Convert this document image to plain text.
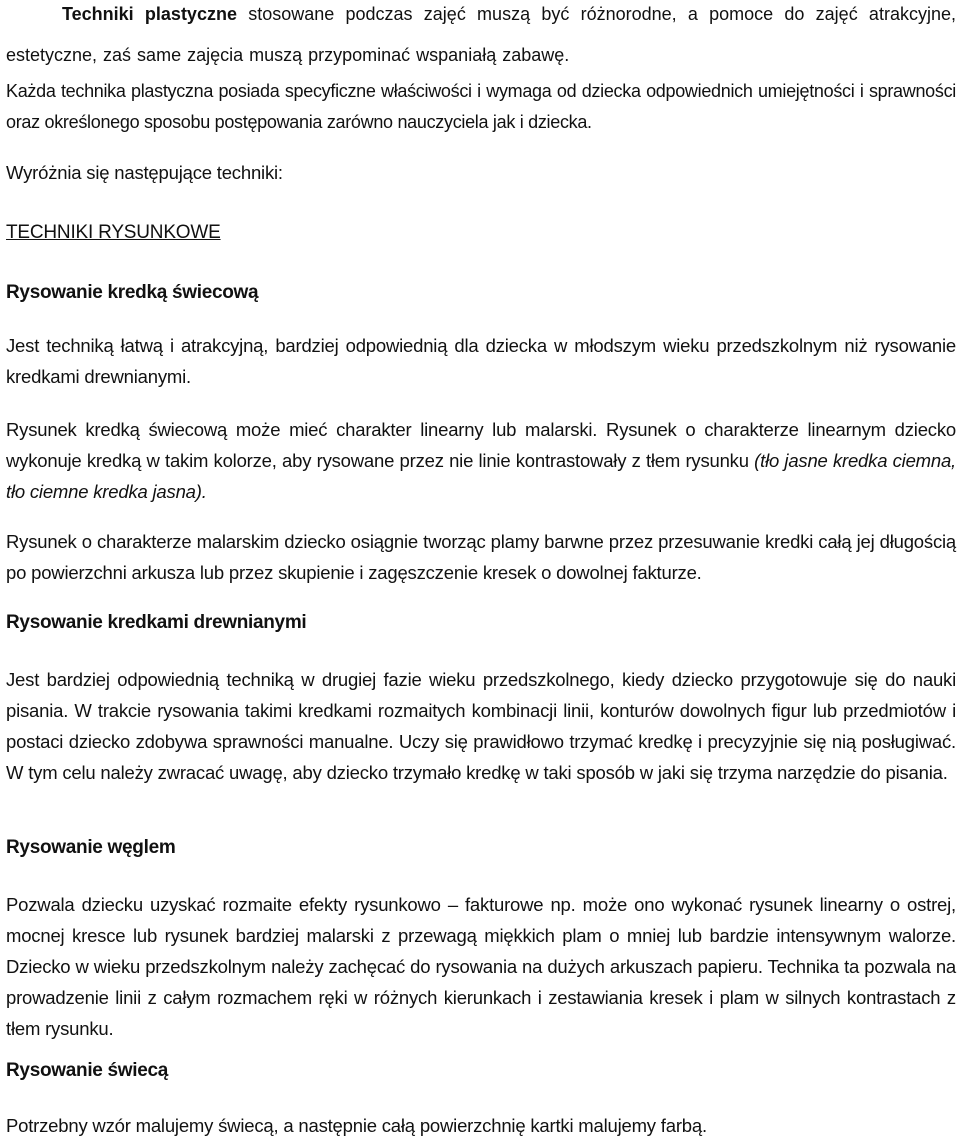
Techniki plastyczne stosowane podczas zajęć muszą być różnorodne, a pomoce do zajęć atrakcyjne, estetyczne, zaś same zajęcia muszą przypominać wspaniałą zabawę.

Każda technika plastyczna posiada specyficzne właściwości i wymaga od dziecka odpowiednich umiejętności i sprawności oraz określonego sposobu postępowania zarówno nauczyciela jak i dziecka.

Wyróżnia się następujące techniki:

TECHNIKI RYSUNKOWE

Rysowanie kredką świecową

Jest techniką łatwą i atrakcyjną, bardziej odpowiednią dla dziecka w młodszym wieku przedszkolnym niż rysowanie kredkami drewnianymi.

Rysunek kredką świecową może mieć charakter linearny lub malarski. Rysunek o charakterze linearnym dziecko wykonuje kredką w takim kolorze, aby rysowane przez nie linie kontrastowały z tłem rysunku (tło jasne kredka ciemna, tło ciemne kredka jasna).

Rysunek o charakterze malarskim dziecko osiągnie tworząc plamy barwne przez przesuwanie kredki całą jej długością po powierzchni arkusza lub przez skupienie i zagęszczenie kresek o dowolnej fakturze.

Rysowanie kredkami drewnianymi

Jest bardziej odpowiednią techniką w drugiej fazie wieku przedszkolnego, kiedy dziecko przygotowuje się do nauki pisania. W trakcie rysowania takimi kredkami rozmaitych kombinacji linii, konturów dowolnych figur lub przedmiotów i postaci dziecko zdobywa sprawności manualne. Uczy się prawidłowo trzymać kredkę i precyzyjnie się nią posługiwać. W tym celu należy zwracać uwagę, aby dziecko trzymało kredkę w taki sposób w jaki się trzyma narzędzie do pisania.

Rysowanie węglem

Pozwala dziecku uzyskać rozmaite efekty rysunkowo – fakturowe np. może ono wykonać rysunek linearny o ostrej, mocnej kresce lub rysunek bardziej malarski z przewagą miękkich plam o mniej lub bardzie intensywnym walorze. Dziecko w wieku przedszkolnym należy zachęcać do rysowania na dużych arkuszach papieru. Technika ta pozwala na prowadzenie linii z całym rozmachem ręki w różnych kierunkach i zestawiania kresek i plam w silnych kontrastach z tłem rysunku.

Rysowanie świecą

Potrzebny wzór malujemy świecą, a następnie całą powierzchnię kartki malujemy farbą.
